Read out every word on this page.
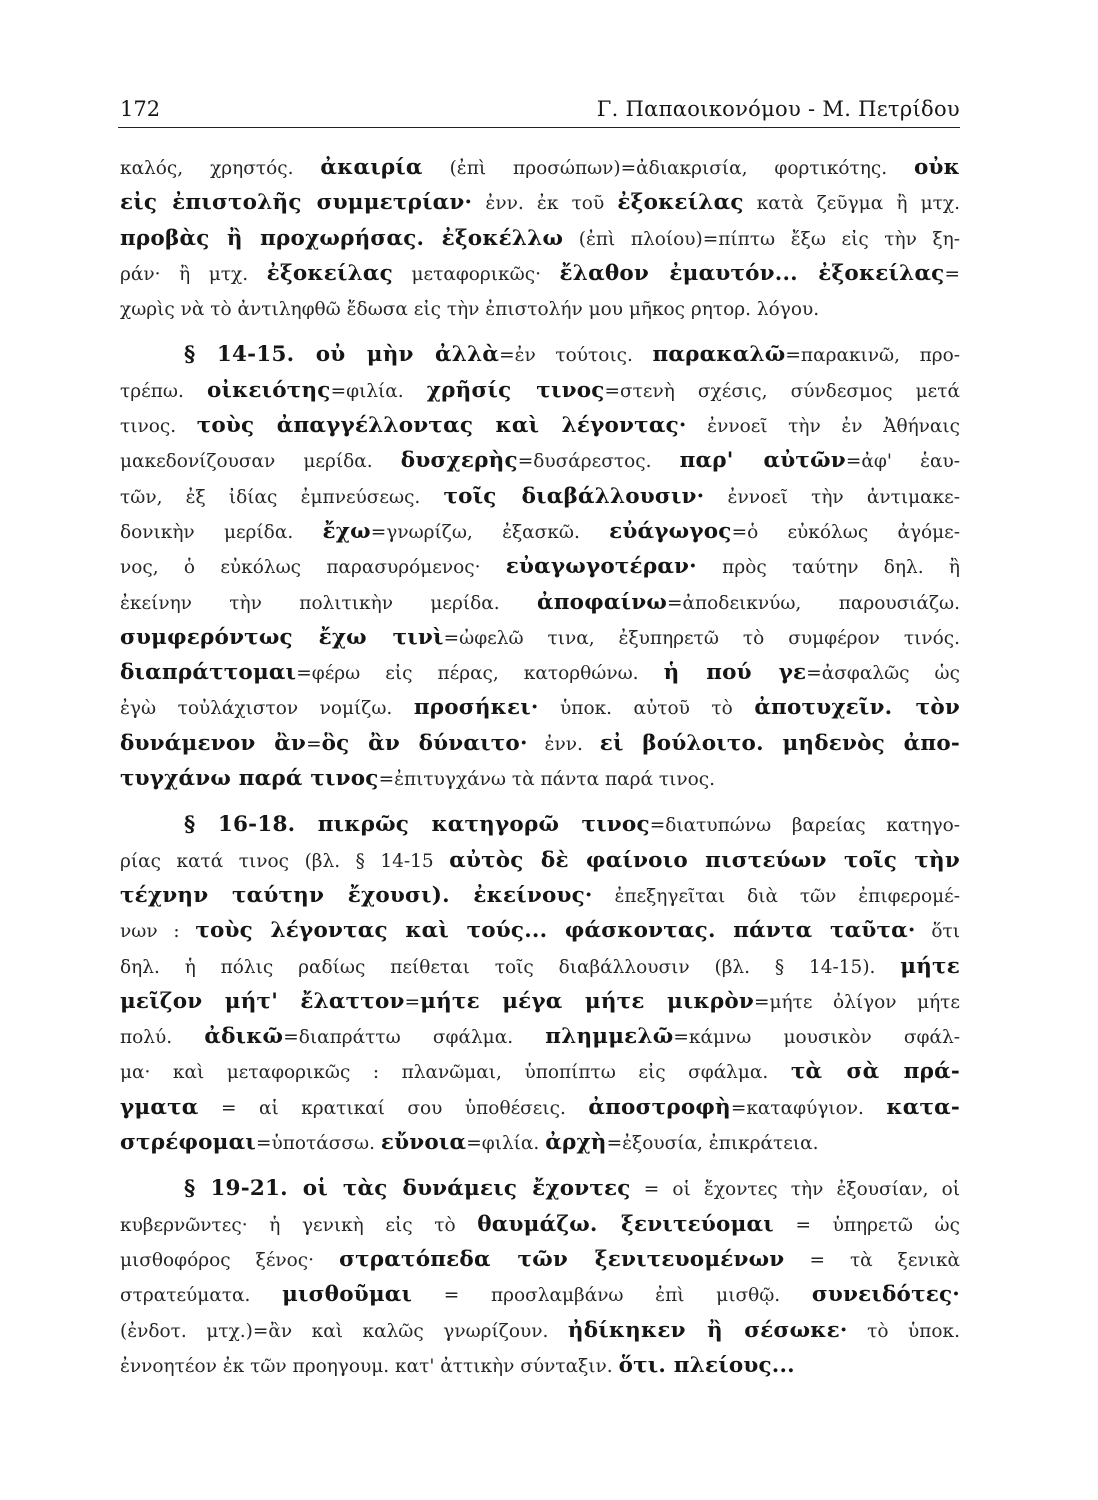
172	Γ. Παπαοικονόμου - Μ. Πετρίδου
καλός, χρηστός. ἀκαιρία (ἐπὶ προσώπων)=ἀδιακρισία, φορτικότης. οὐκ
εἰς ἐπιστολῆς συμμετρίαν· ἐνν. ἐκ τοῦ ἐξοκείλας κατὰ ζεῦγμα ἢ μτχ.
προβὰς ἢ προχωρήσας. ἐξοκέλλω (ἐπὶ πλοίου)=πίπτω ἔξω εἰς τὴν ξη-
ράν· ἢ μτχ. ἐξοκείλας μεταφορικῶς· ἔλαθον ἐμαυτόν... ἐξοκείλας=
χωρὶς νὰ τὸ ἀντιληφθῶ ἔδωσα εἰς τὴν ἐπιστολήν μου μῆκος ρητορ. λόγου.
§ 14-15. οὐ μὴν ἀλλὰ=ἐν τούτοις. παρακαλῶ=παρακινῶ, προ-
τρέπω. οἰκειότης=φιλία. χρῆσίς τινος=στενὴ σχέσις, σύνδεσμος μετά
τινος. τοὺς ἀπαγγέλλοντας καὶ λέγοντας· ἐννοεῖ τὴν ἐν Ἀθήναις
μακεδονίζουσαν μερίδα. δυσχερὴς=δυσάρεστος. παρ' αὐτῶν=ἀφ' ἑαυ-
τῶν, ἐξ ἰδίας ἐμπνεύσεως. τοῖς διαβάλλουσιν· ἐννοεῖ τὴν ἀντιμακε-
δονικὴν μερίδα. ἔχω=γνωρίζω, ἐξασκῶ. εὐάγωγος=ὁ εὐκόλως ἀγόμε-
νος, ὁ εὐκόλως παρασυρόμενος· εὐαγωγοτέραν· πρὸς ταύτην δηλ. ἢ
ἐκείνην τὴν πολιτικὴν μερίδα. ἀποφαίνω=ἀποδεικνύω, παρουσιάζω.
συμφερόντως ἔχω τινὶ=ὠφελῶ τινα, ἐξυπηρετῶ τὸ συμφέρον τινός.
διαπράττομαι=φέρω εἰς πέρας, κατορθώνω. ἡ πού γε=ἀσφαλῶς ὡς
ἐγὼ τοὐλάχιστον νομίζω. προσήκει· ὑποκ. αὐτοῦ τὸ ἀποτυχεῖν. τὸν
δυνάμενον ἂν=ὃς ἂν δύναιτο· ἐνν. εἰ βούλοιτο. μηδενὸς ἀπο-
τυγχάνω παρά τινος=ἐπιτυγχάνω τὰ πάντα παρά τινος.
§ 16-18. πικρῶς κατηγορῶ τινος=διατυπώνω βαρείας κατηγο-
ρίας κατά τινος (βλ. § 14-15 αὐτὸς δὲ φαίνοιο πιστεύων τοῖς τὴν
τέχνην ταύτην ἔχουσι). ἐκείνους· ἐπεξηγεῖται διὰ τῶν ἐπιφερομέ-
νων : τοὺς λέγοντας καὶ τούς... φάσκοντας. πάντα ταῦτα· ὅτι
δηλ. ἡ πόλις ραδίως πείθεται τοῖς διαβάλλουσιν (βλ. § 14-15). μήτε
μεῖζον μήτ' ἔλαττον=μήτε μέγα μήτε μικρὸν=μήτε ὀλίγον μήτε
πολύ. ἀδικῶ=διαπράττω σφάλμα. πλημμελῶ=κάμνω μουσικὸν σφάλ-
μα· καὶ μεταφορικῶς : πλανῶμαι, ὑποπίπτω εἰς σφάλμα. τὰ σὰ πρά-
γματα = αἱ κρατικαί σου ὑποθέσεις. ἀποστροφὴ=καταφύγιον. κατα-
στρέφομαι=ὑποτάσσω. εὔνοια=φιλία. ἀρχὴ=ἐξουσία, ἐπικράτεια.
§ 19-21. οἱ τὰς δυνάμεις ἔχοντες = οἱ ἔχοντες τὴν ἐξουσίαν, οἱ
κυβερνῶντες· ἡ γενικὴ εἰς τὸ θαυμάζω. ξενιτεύομαι = ὑπηρετῶ ὡς
μισθοφόρος ξένος· στρατόπεδα τῶν ξενιτευομένων = τὰ ξενικὰ
στρατεύματα. μισθοῦμαι = προσλαμβάνω ἐπὶ μισθῷ. συνειδότες·
(ἐνδοτ. μτχ.)=ἂν καὶ καλῶς γνωρίζουν. ἠδίκηκεν ἢ σέσωκε· τὸ ὑποκ.
ἐννοητέον ἐκ τῶν προηγουμ. κατ' ἀττικὴν σύνταξιν. ὅτι. πλείους...
